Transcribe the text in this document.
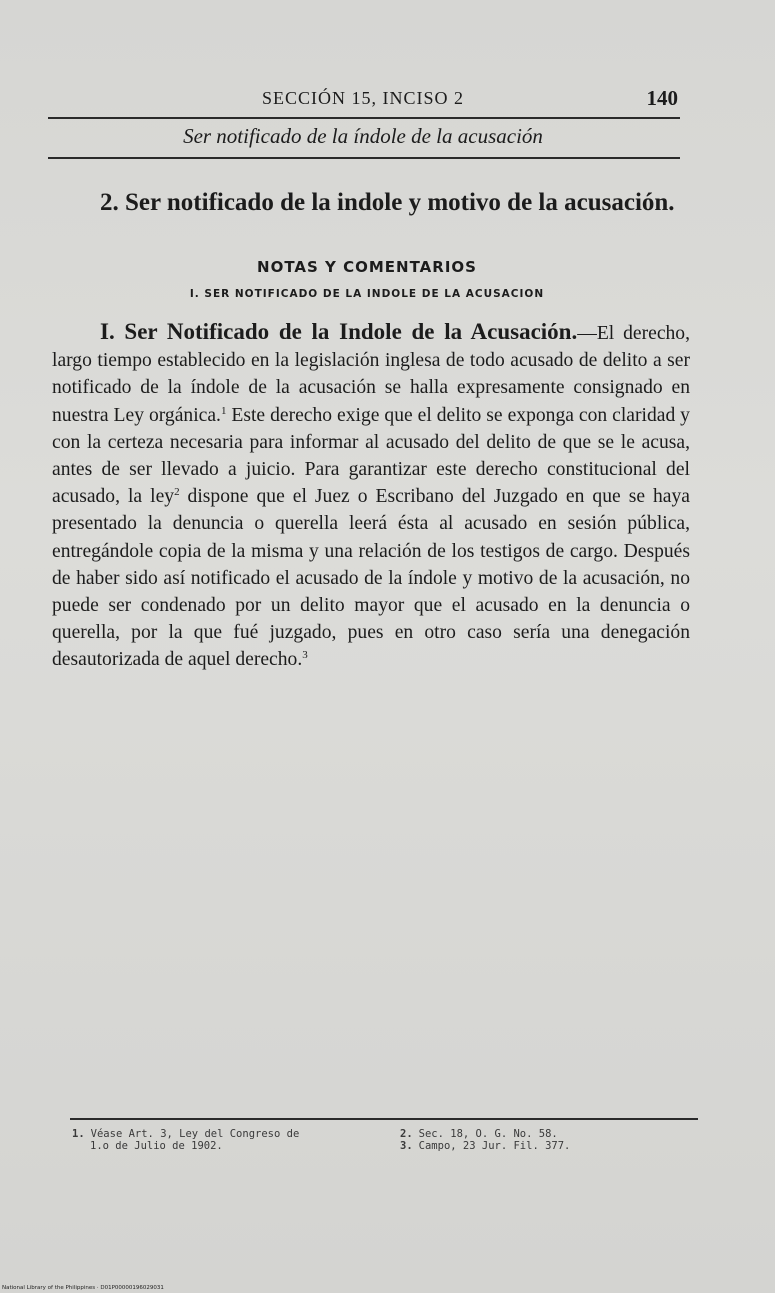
SECCIÓN 15, INCISO 2	140
Ser notificado de la índole de la acusación
2. Ser notificado de la indole y motivo de la acusación.
NOTAS Y COMENTARIOS
I. SER NOTIFICADO DE LA INDOLE DE LA ACUSACION
I. Ser Notificado de la Indole de la Acusación.—El derecho, largo tiempo establecido en la legislación inglesa de todo acusado de delito a ser notificado de la índole de la acusación se halla expresamente consignado en nuestra Ley orgánica.$^1$ Este derecho exige que el delito se exponga con claridad y con la certeza necesaria para informar al acusado del delito de que se le acusa, antes de ser llevado a juicio. Para garantizar este derecho constitucional del acusado, la ley$^2$ dispone que el Juez o Escribano del Juzgado en que se haya presentado la denuncia o querella leerá ésta al acusado en sesión pública, entregándole copia de la misma y una relación de los testigos de cargo. Después de haber sido así notificado el acusado de la índole y motivo de la acusación, no puede ser condenado por un delito mayor que el acusado en la denuncia o querella, por la que fué juzgado, pues en otro caso sería una denegación desautorizada de aquel derecho.$^3$
1. Véase Art. 3, Ley del Congreso de
1.o de Julio de 1902.
2. Sec. 18, O. G. No. 58.
3. Campo, 23 Jur. Fil. 377.
National Library of the Philippines · D01P00000196029031
